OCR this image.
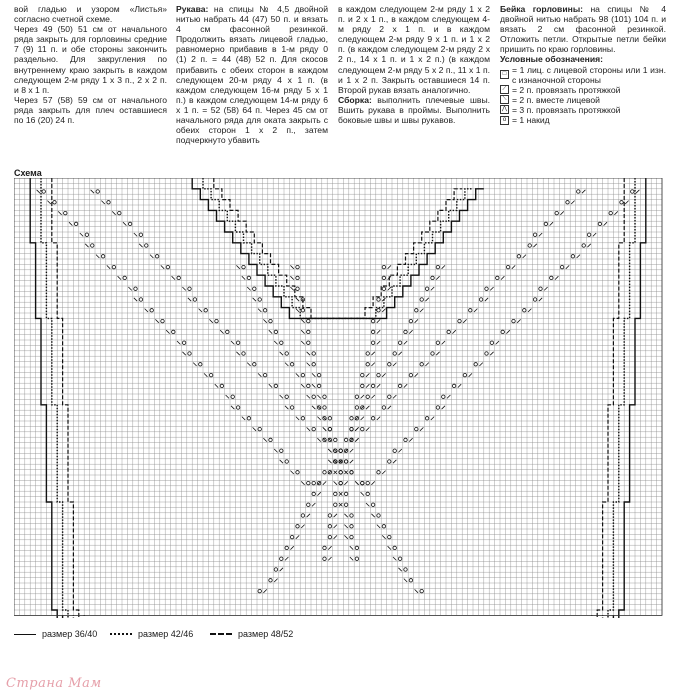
вой гладью и узором «Листья» согласно счетной схеме.
Через 49 (50) 51 см от начального ряда закрыть для горловины средние 7 (9) 11 п. и обе стороны закончить раздельно. Для закругления по внутреннему краю закрыть в каждом следующем 2-м ряду 1 х 3 п., 2 х 2 п. и 8 х 1 п.
Через 57 (58) 59 см от начального ряда закрыть для плеч оставшиеся по 16 (20) 24 п.
Рукава: на спицы № 4,5 двойной нитью набрать 44 (47) 50 п. и вязать 4 см фасонной резинкой. Продолжить вязать лицевой гладью, равномерно прибавив в 1-м ряду 0 (1) 2 п. = 44 (48) 52 п. Для скосов прибавить с обеих сторон в каждом следующем 20-м ряду 4 х 1 п. (в каждом следующем 16-м ряду 5 х 1 п.) в каждом следующем 14-м ряду 6 х 1 п. = 52 (58) 64 п. Через 45 см от начального ряда для оката закрыть с обеих сторон 1 х 2 п., затем подчеркнуто убавить
в каждом следующем 2-м ряду 1 х 2 п. и 2 х 1 п., в каждом следующем 4-м ряду 2 х 1 п. и в каждом следующем 2-м ряду 9 х 1 п. и 1 х 2 п. (в каждом следующем 2-м ряду 2 х 2 п., 14 х 1 п. и 1 х 2 п.) (в каждом следующем 2-м ряду 5 х 2 п., 11 х 1 п. и 1 х 2 п. Закрыть оставшиеся 14 п. Второй рукав вязать аналогично.
Сборка: выполнить плечевые швы. Вшить рукава в проймы. Выполнить боковые швы и швы рукавов.
Бейка горловины: на спицы № 4 двойной нитью набрать 98 (101) 104 п. и вязать 2 см фасонной резинкой. Отложить петли. Открытые петли бейки пришить по краю горловины.
Условные обозначения:
□ = 1 лиц. с лицевой стороны или 1 изн. с изнаночной стороны
⟋ = 2 п. провязать протяжкой
⟍ = 2 п. вместе лицевой
⋀ = 3 п. провязать протяжкой
o = 1 накид
Схема
размер 36/40	размер 42/46	размер 48/52
Страна Мам
